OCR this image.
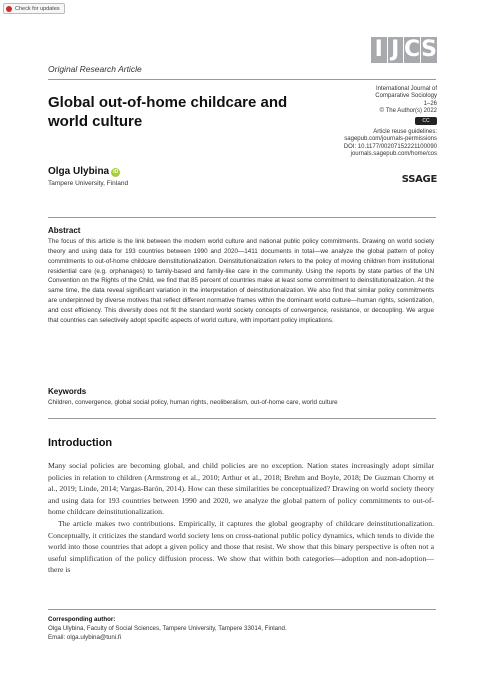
Check for updates
Original Research Article
I J C S
International Journal of
Comparative Sociology
1–26
© The Author(s) 2022
CC
Article reuse guidelines:
sagepub.com/journals-permissions
DOI: 10.1177/00207152221100090
journals.sagepub.com/home/cos
SSAGE
Global out-of-home childcare and world culture
Olga Ulybina iD
Tampere University, Finland
Abstract
The focus of this article is the link between the modern world culture and national public policy commitments. Drawing on world society theory and using data for 193 countries between 1990 and 2020—1411 documents in total—we analyze the global pattern of policy commitments to out-of-home childcare deinstitutionalization. Deinstitutionalization refers to the policy of moving children from institutional residential care (e.g. orphanages) to family-based and family-like care in the community. Using the reports by state parties of the UN Convention on the Rights of the Child, we find that 85 percent of countries make at least some commitment to deinstitutionalization. At the same time, the data reveal significant variation in the interpretation of deinstitutionalization. We also find that similar policy commitments are underpinned by diverse motives that reflect different normative frames within the dominant world culture—human rights, scientization, and cost efficiency. This diversity does not fit the standard world society concepts of convergence, resistance, or decoupling. We argue that countries can selectively adopt specific aspects of world culture, with important policy implications.
Keywords
Children, convergence, global social policy, human rights, neoliberalism, out-of-home care, world culture
Introduction

Many social policies are becoming global, and child policies are no exception. Nation states increasingly adopt similar policies in relation to children (Armstrong et al., 2010; Arthur et al., 2018; Brehm and Boyle, 2018; De Guzman Chorny et al., 2019; Linde, 2014; Vargas-Barón, 2014). How can these similarities be conceptualized? Drawing on world society theory and using data for 193 countries between 1990 and 2020, we analyze the global pattern of policy commitments to out-of-home childcare deinstitutionalization.

The article makes two contributions. Empirically, it captures the global geography of childcare deinstitutionalization. Conceptually, it criticizes the standard world society lens on cross-national public policy dynamics, which tends to divide the world into those countries that adopt a given policy and those that resist. We show that this binary perspective is often not a useful simplification of the policy diffusion process. We show that within both categories—adoption and non-adoption—there is

Corresponding author:
Olga Ulybina, Faculty of Social Sciences, Tampere University, Tampere 33014, Finland.
Email: olga.ulybina@tuni.fi
